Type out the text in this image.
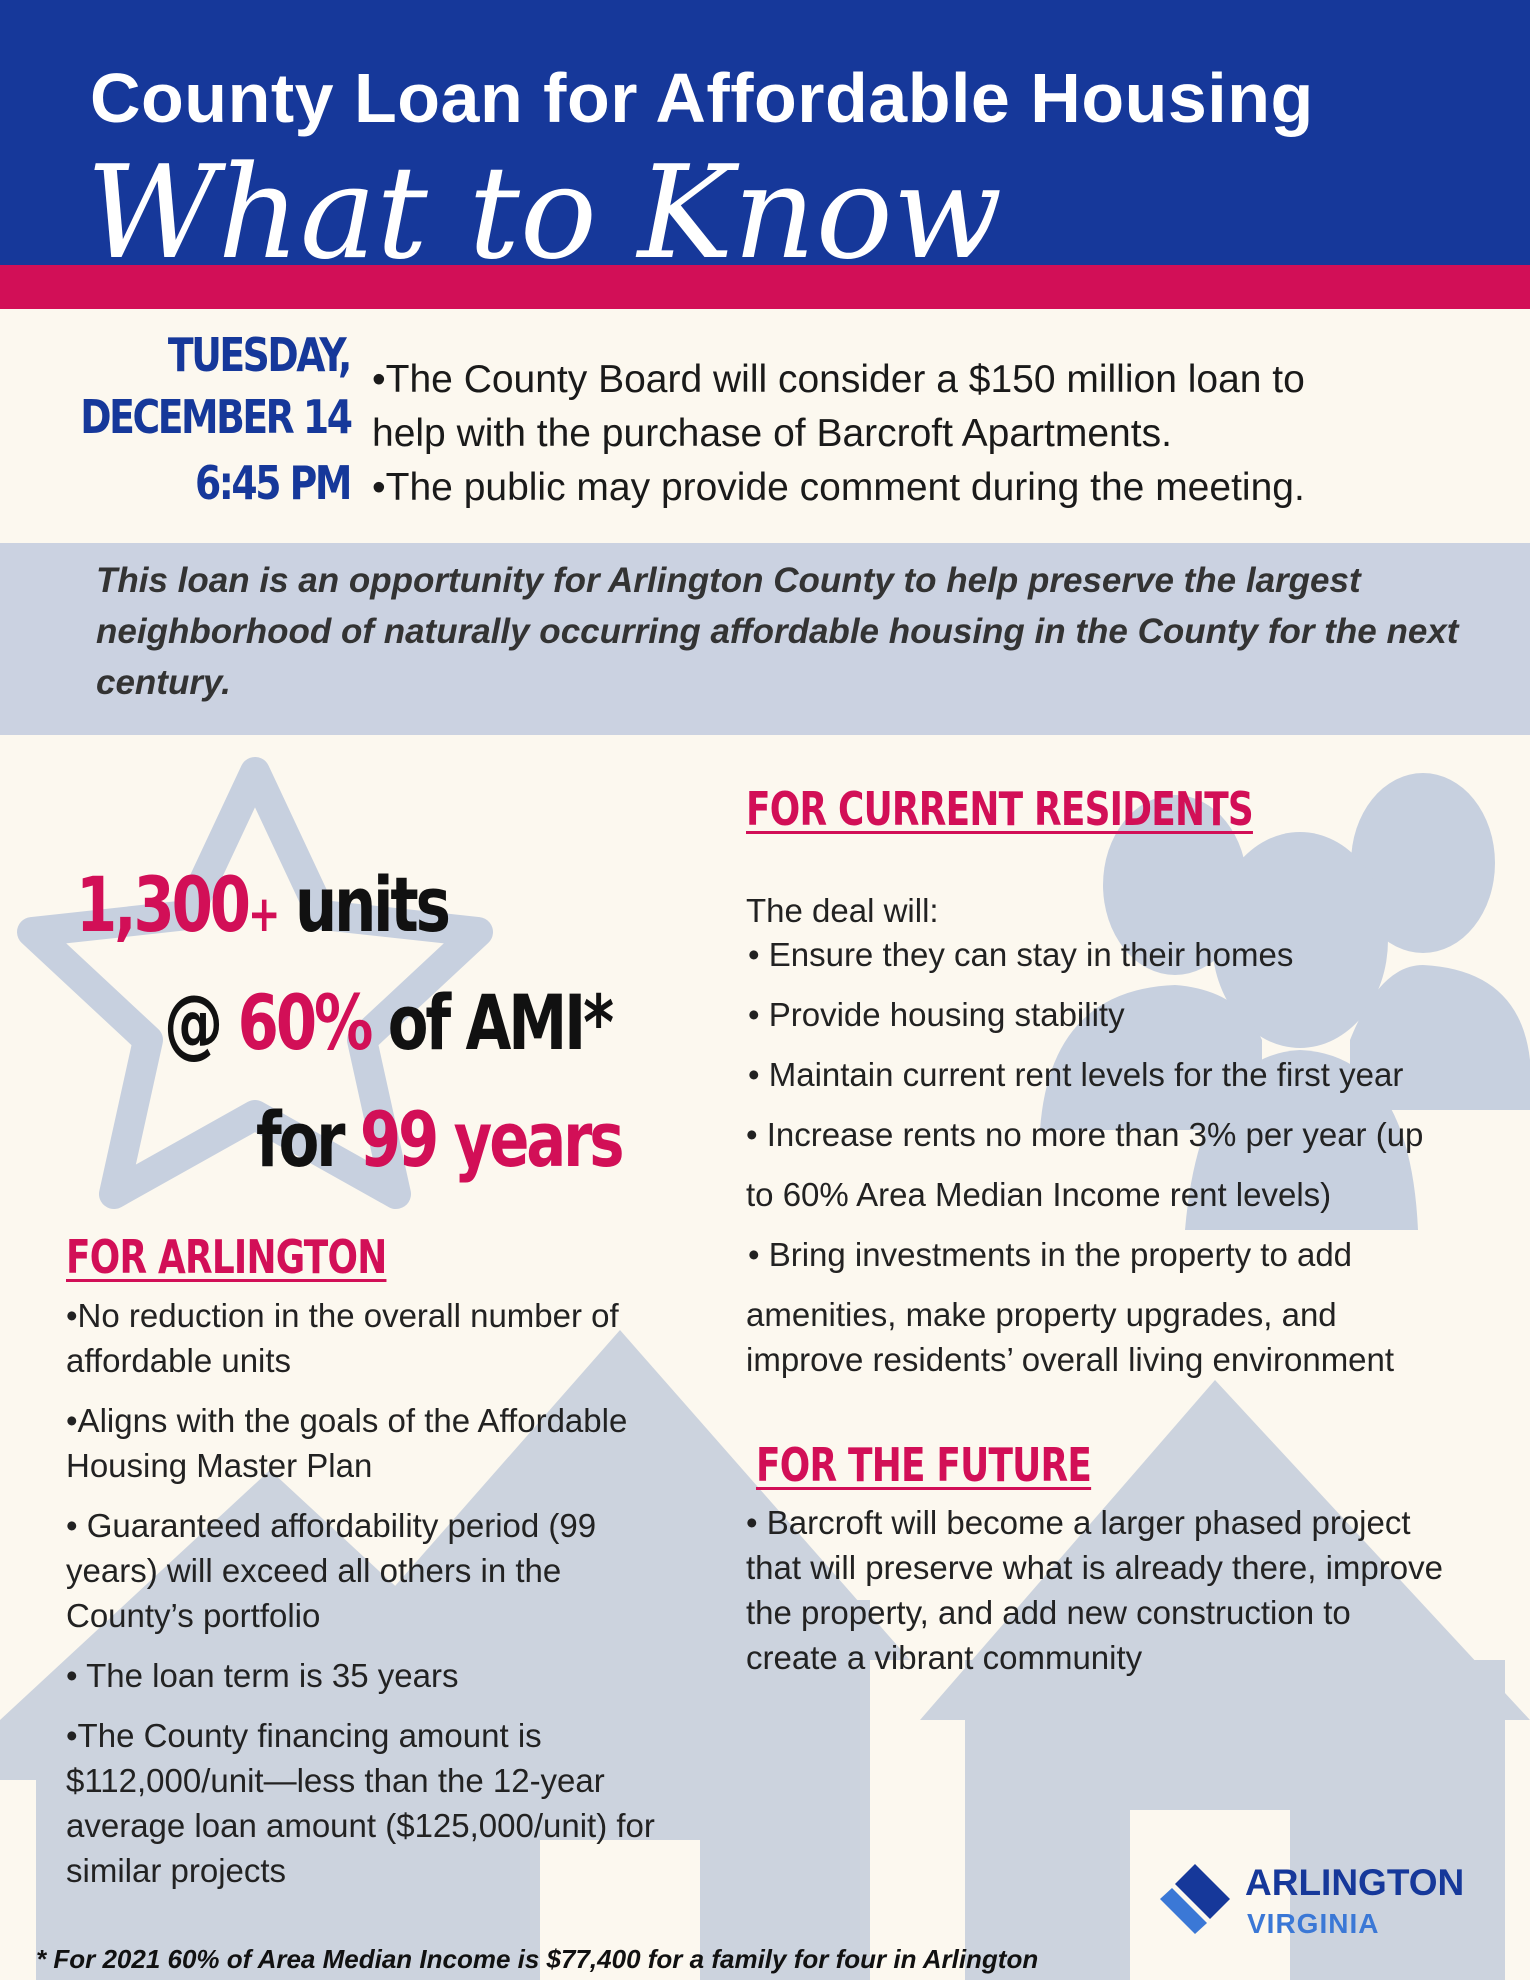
County Loan for Affordable Housing
What to Know
TUESDAY,
DECEMBER 14
6:45 PM
•The County Board will consider a $150 million loan to
help with the purchase of Barcroft Apartments.
•The public may provide comment during the meeting.
This loan is an opportunity for Arlington County to help preserve the largest neighborhood of naturally occurring affordable housing in the County for the next century.
1,300+ units
@ 60% of AMI*
for 99 years
FOR ARLINGTON
•No reduction in the overall number of affordable units
•Aligns with the goals of the Affordable Housing Master Plan
• Guaranteed affordability period (99 years) will exceed all others in the County’s portfolio
• The loan term is 35 years
•The County financing amount is $112,000/unit—less than the 12-year average loan amount ($125,000/unit) for similar projects
FOR CURRENT RESIDENTS
The deal will:
• Ensure they can stay in their homes
• Provide housing stability
• Maintain current rent levels for the first year
• Increase rents no more than 3% per year (up
to 60% Area Median Income rent levels)
• Bring investments in the property to add
amenities, make property upgrades, and
improve residents’ overall living environment
FOR THE FUTURE
• Barcroft will become a larger phased project that will preserve what is already there, improve the property, and add new construction to create a vibrant community
ARLINGTON
VIRGINIA
* For 2021 60% of Area Median Income is $77,400 for a family for four in Arlington
